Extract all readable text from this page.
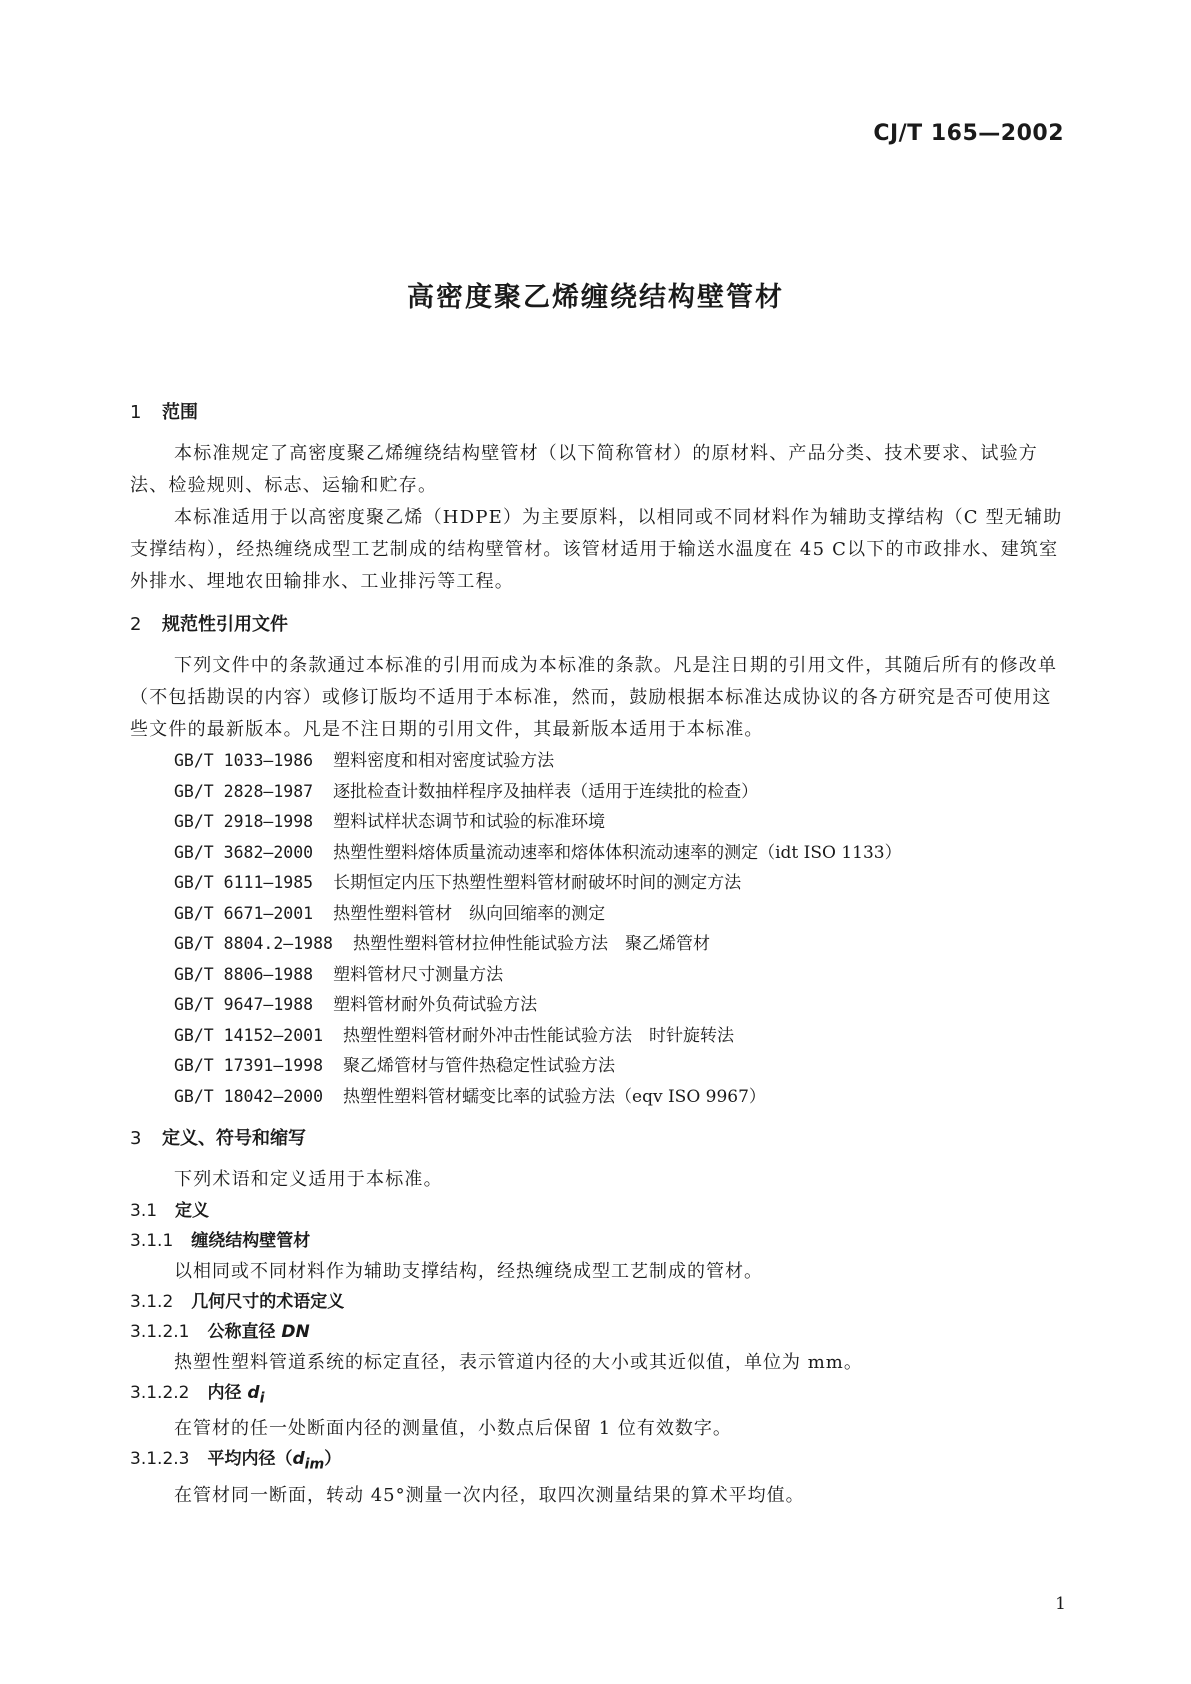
CJ/T 165—2002
高密度聚乙烯缠绕结构壁管材
1 范围

本标准规定了高密度聚乙烯缠绕结构壁管材（以下简称管材）的原材料、产品分类、技术要求、试验方法、检验规则、标志、运输和贮存。

本标准适用于以高密度聚乙烯（HDPE）为主要原料，以相同或不同材料作为辅助支撑结构（C 型无辅助支撑结构），经热缠绕成型工艺制成的结构壁管材。该管材适用于输送水温度在 45 C以下的市政排水、建筑室外排水、埋地农田输排水、工业排污等工程。

2 规范性引用文件

下列文件中的条款通过本标准的引用而成为本标准的条款。凡是注日期的引用文件，其随后所有的修改单（不包括勘误的内容）或修订版均不适用于本标准，然而，鼓励根据本标准达成协议的各方研究是否可使用这些文件的最新版本。凡是不注日期的引用文件，其最新版本适用于本标准。

GB/T 1033—1986 塑料密度和相对密度试验方法
GB/T 2828—1987 逐批检查计数抽样程序及抽样表（适用于连续批的检查）
GB/T 2918—1998 塑料试样状态调节和试验的标准环境
GB/T 3682—2000 热塑性塑料熔体质量流动速率和熔体体积流动速率的测定（idt ISO 1133）
GB/T 6111—1985 长期恒定内压下热塑性塑料管材耐破坏时间的测定方法
GB/T 6671—2001 热塑性塑料管材　纵向回缩率的测定
GB/T 8804.2—1988 热塑性塑料管材拉伸性能试验方法　聚乙烯管材
GB/T 8806—1988 塑料管材尺寸测量方法
GB/T 9647—1988 塑料管材耐外负荷试验方法
GB/T 14152—2001 热塑性塑料管材耐外冲击性能试验方法　时针旋转法
GB/T 17391—1998 聚乙烯管材与管件热稳定性试验方法
GB/T 18042—2000 热塑性塑料管材蠕变比率的试验方法（eqv ISO 9967）
3 定义、符号和缩写

下列术语和定义适用于本标准。

3.1 定义
3.1.1 缠绕结构壁管材

以相同或不同材料作为辅助支撑结构，经热缠绕成型工艺制成的管材。

3.1.2 几何尺寸的术语定义
3.1.2.1 公称直径 DN

热塑性塑料管道系统的标定直径，表示管道内径的大小或其近似值，单位为 mm。

3.1.2.2 内径 $d_i$

在管材的任一处断面内径的测量值，小数点后保留 1 位有效数字。

3.1.2.3 平均内径$(d_{im})$

在管材同一断面，转动 45°测量一次内径，取四次测量结果的算术平均值。

1
